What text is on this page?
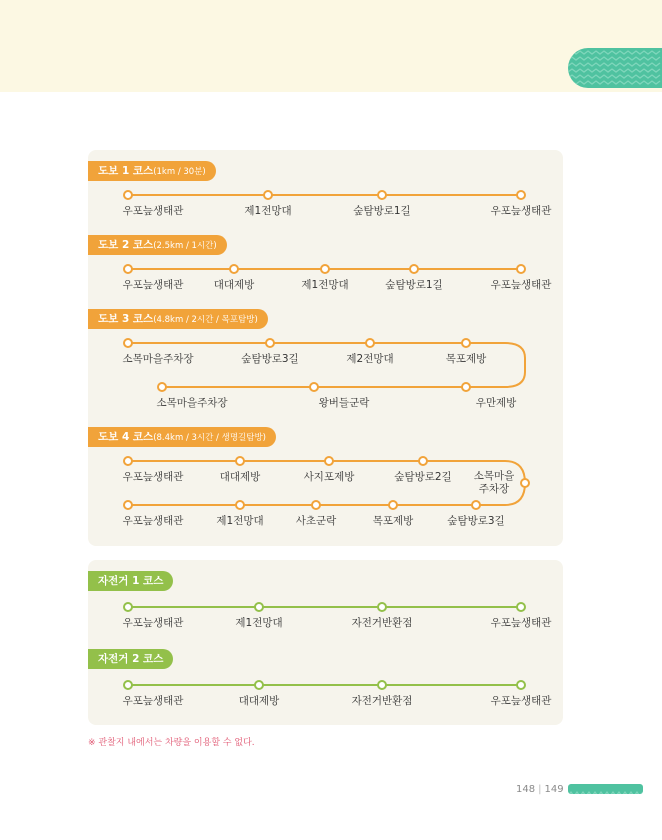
도보 1 코스(1km / 30분)
도보 2 코스(2.5km / 1시간)
도보 3 코스(4.8km / 2시간 / 목포탐방)
도보 4 코스(8.4km / 3시간 / 생명길탐방)
자전거 1 코스
자전거 2 코스
우포늪생태관	제1전망대	숲탐방로1길	우포늪생태관
우포늪생태관	대대제방	제1전망대	숲탐방로1길	우포늪생태관
소목마을주차장	숲탐방로3길	제2전망대	목포제방
소목마을주차장	왕버들군락	우만제방
우포늪생태관	대대제방	사지포제방	숲탐방로2길 소목마을
주차장
우포늪생태관	제1전망대	사초군락	목포제방	숲탐방로3길
우포늪생태관	제1전망대	자전거반환점	우포늪생태관
우포늪생태관	대대제방	자전거반환점	우포늪생태관
※ 관찰지 내에서는 차량을 이용할 수 없다.
148 | 149
